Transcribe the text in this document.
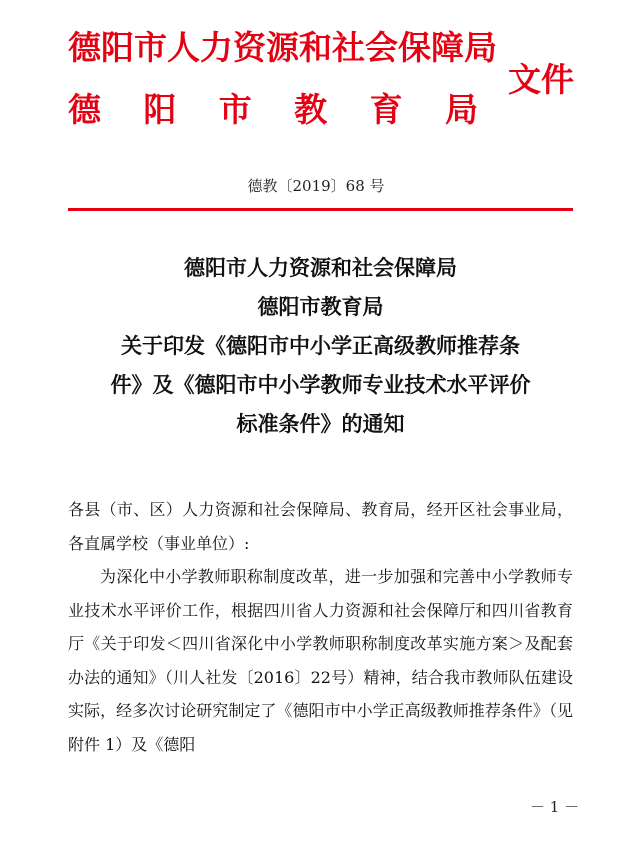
德阳市人力资源和社会保障局
德 阳 市 教 育 局
文件
德教〔2019〕68 号

德阳市人力资源和社会保障局

德阳市教育局

关于印发《德阳市中小学正高级教师推荐条

件》及《德阳市中小学教师专业技术水平评价

标准条件》的通知

各县（市、区）人力资源和社会保障局、教育局，经开区社会事业局，各直属学校（事业单位）:

为深化中小学教师职称制度改革，进一步加强和完善中小学教师专业技术水平评价工作，根据四川省人力资源和社会保障厅和四川省教育厅《关于印发＜四川省深化中小学教师职称制度改革实施方案＞及配套办法的通知》（川人社发〔2016〕22号）精神，结合我市教师队伍建设实际，经多次讨论研究制定了《德阳市中小学正高级教师推荐条件》（见附件 1）及《德阳

－ 1 －
